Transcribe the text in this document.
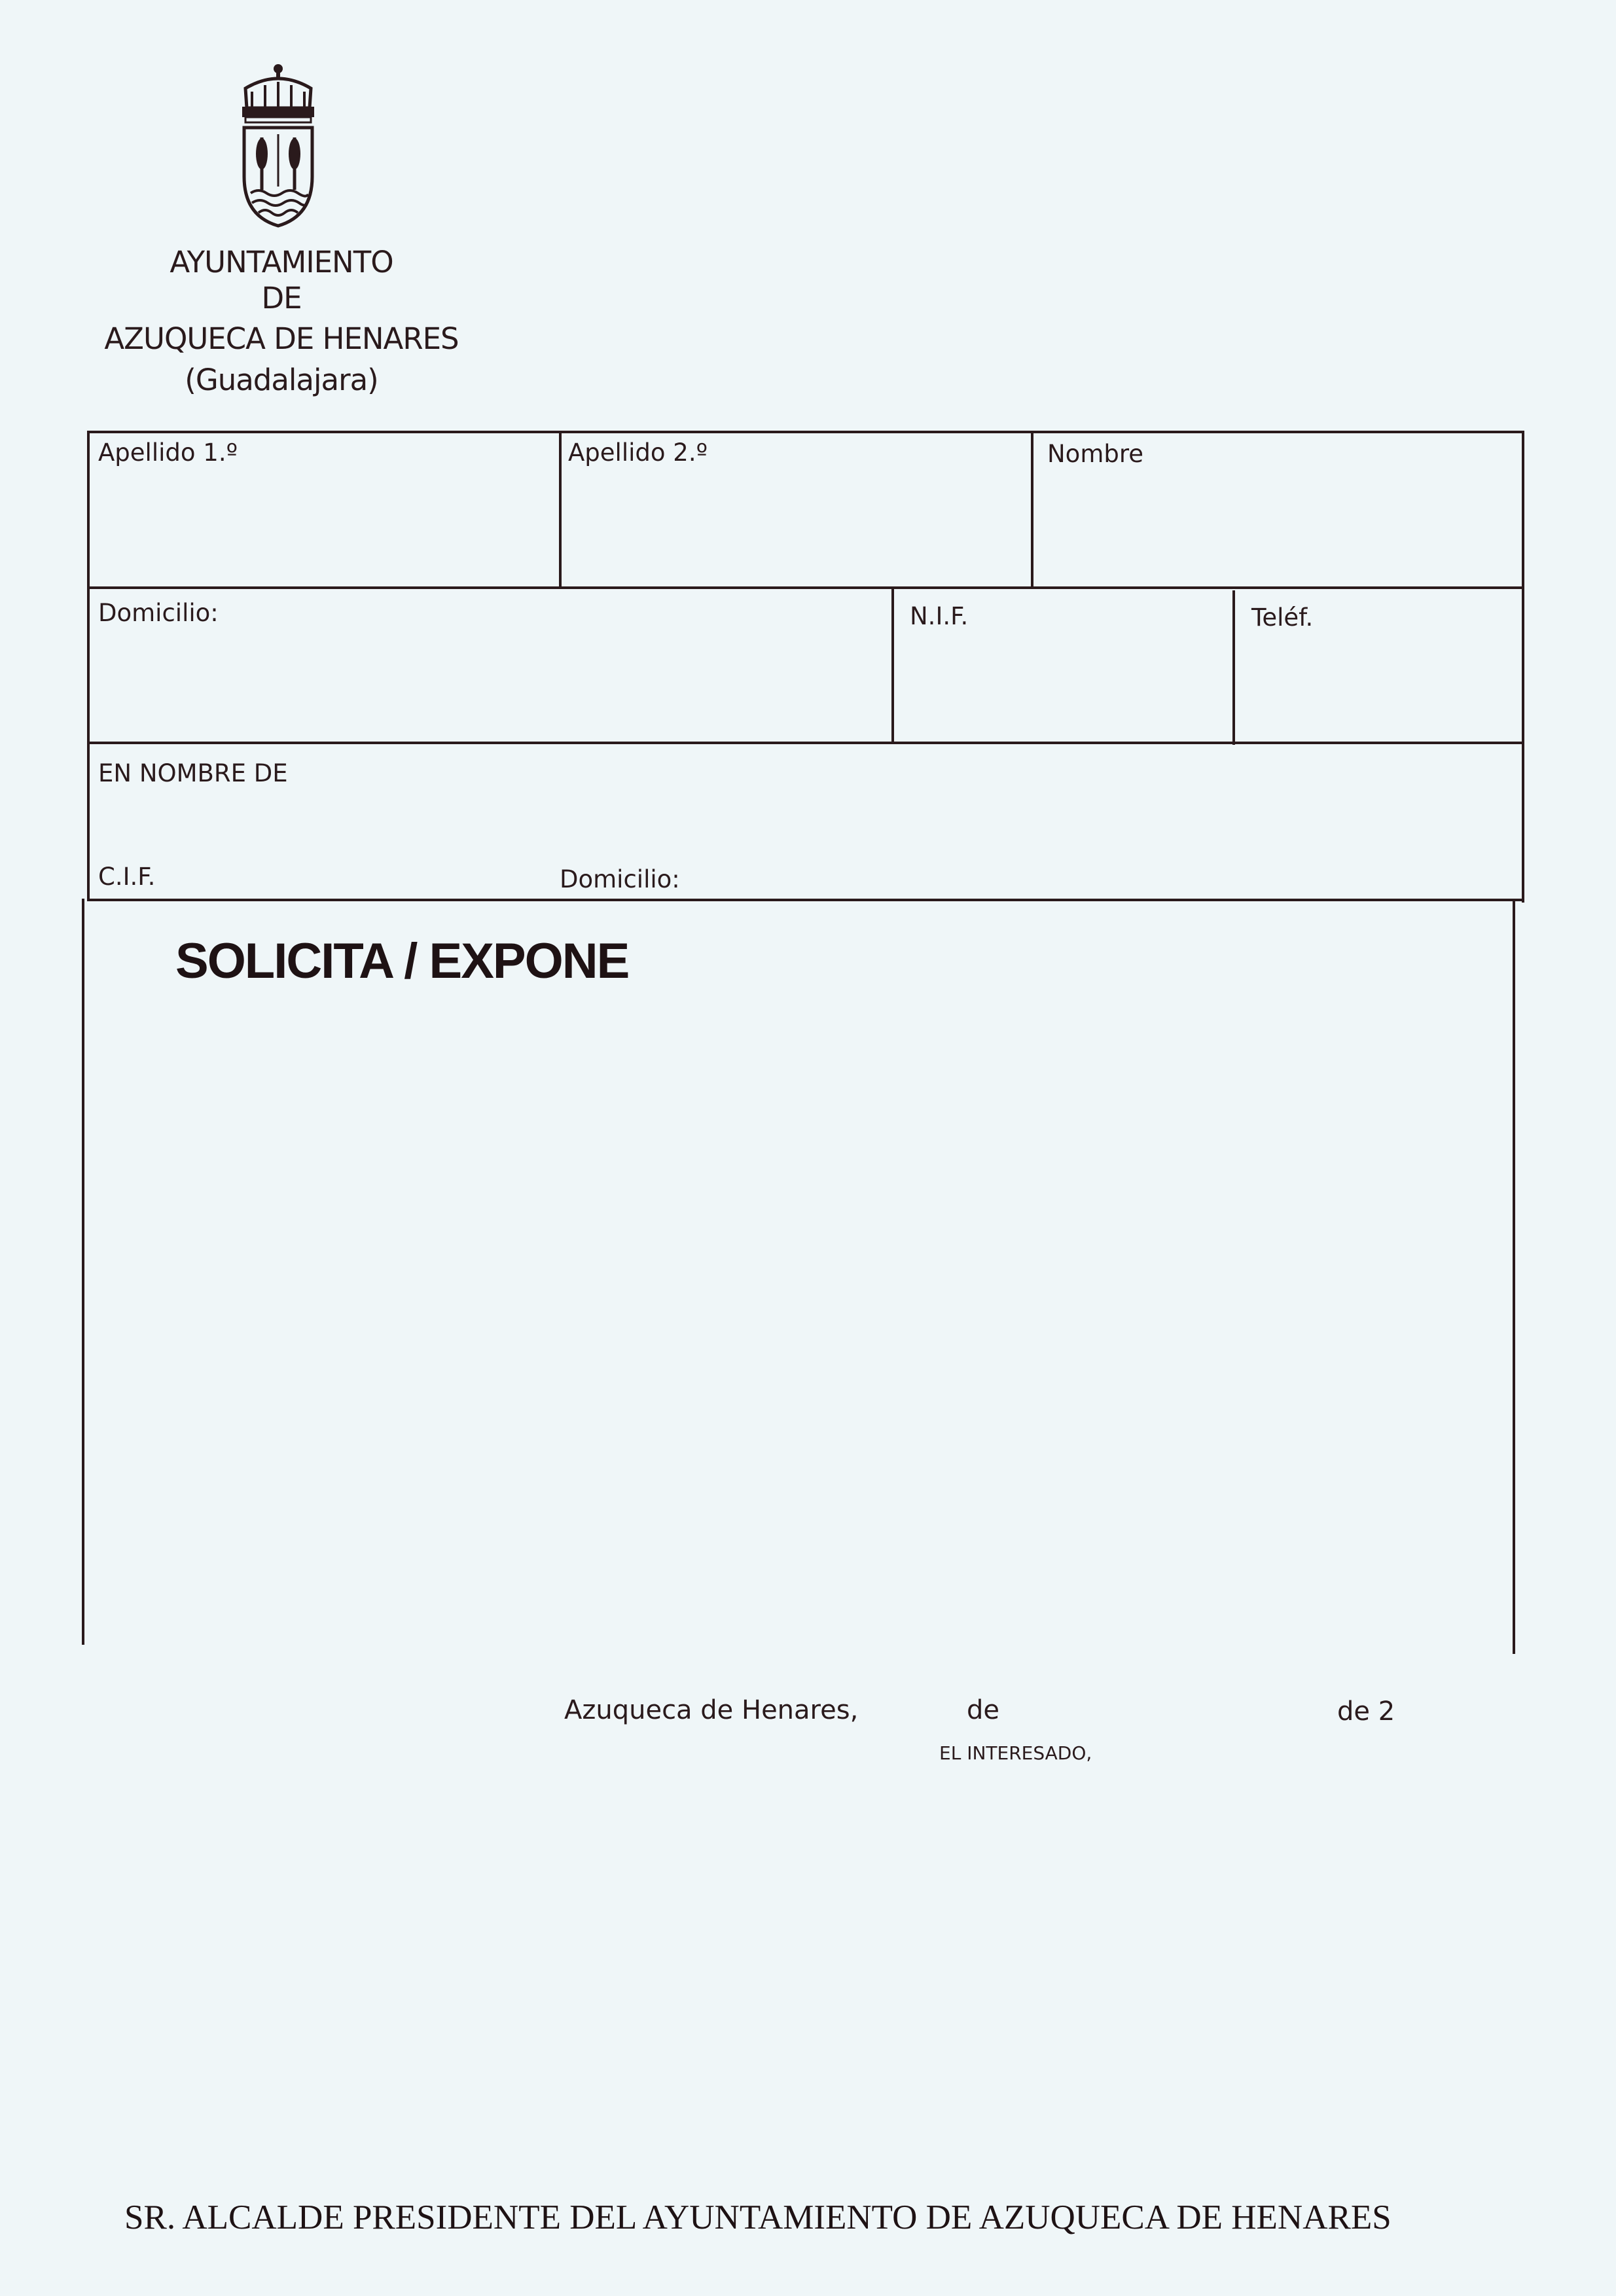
AYUNTAMIENTO
DE
AZUQUECA DE HENARES
(Guadalajara)
Apellido 1.º	Apellido 2.º	Nombre
Domicilio:	N.I.F.	Teléf.
EN NOMBRE DE
C.I.F.	Domicilio:
SOLICITA / EXPONE
Azuqueca de Henares,	de	de 2
EL INTERESADO,
SR. ALCALDE PRESIDENTE DEL AYUNTAMIENTO DE AZUQUECA DE HENARES
